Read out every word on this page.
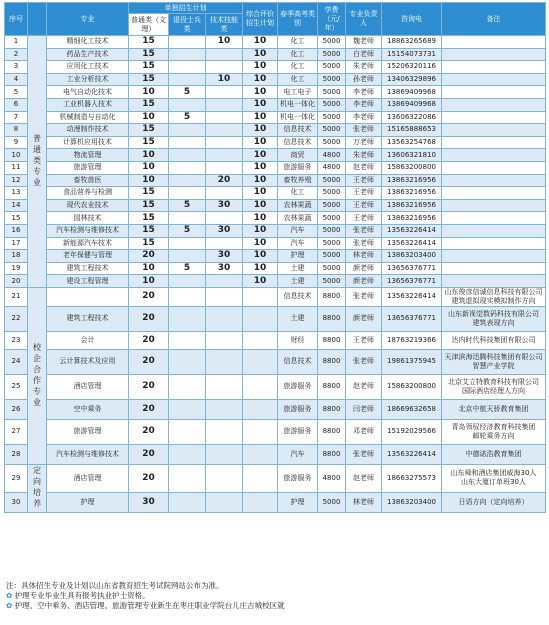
序号		专业	单独招生计划			综合评价招生计划	春季高考类别	学费（元/年）	专业负责人	咨询电	备注
			普通类（文理）	退役士兵类	技术技能类						
1	普通类专业	精细化工技术	15		10	10	化工	5000	魏老师	18863265689	
2		药品生产技术	15			10	化工	5000	白老师	15154073731	
3		应用化工技术	15			10	化工	5000	朱老师	15206320116	
4		工业分析技术	15		10	10	化工	5000	孙老师	13406329896	
5		电气自动化技术	10	5		10	电工电子	5000	李老师	13869409968	
6		工业机器人技术	15			10	机电一体化	5000	李老师	13869409968	
7		机械制造与自动化	10	5		10	机电一体化	5000	李老师	13606322086	
8		动漫制作技术	15			10	信息技术	5000	张老师	15165888653	
9		计算机应用技术	15			10	信息技术	5000	万老师	13563254768	
10		物流管理	10			10	商贸	4800	朱老师	13606321810	
11		旅游管理	10			10	旅游服务	4800	赵老师	15863200800	
12		畜牧兽医	10		20	10	畜牧养殖	5000	王老师	13863216956	
13		食品营养与检测	15			10	化工	5000	王老师	13863216956	
14		现代农业技术	15	5	30	10	农林果蔬	5000	王老师	13863216956	
15		园林技术	15			10	农林果蔬	5000	王老师	13863216956	
16		汽车检测与维修技术	15	5	30	10	汽车	5000	张老师	13563226414	
17		新能源汽车技术	15			10	汽车	5000	张老师	13563226414	
18		老年保健与管理	20		30	10	护理	5000	林老师	13863203400	
19		建筑工程技术	10	5	30	10	土建	5000	颜老师	13656376771	
20		建设工程管理	10			10	土建	5000	颜老师	13656376771	
21	校企合作专业		20				信息技术	8800	张老师	13563226414	山东俊彦信诚信息科技有限公司
建筑虚拟现实模拟制作方向
22		建筑工程技术	20				土建	8800	颜老师	13656376771	山东新视觉数码科技有限公司
建筑表现方向
23		会计	20				财经	8800	王老师	18763219366	达内时代科技集团有限公司
24		云计算技术及应用	20				信息技术	8800	张老师	19861375945	天津滨海迅腾科技集团有限公司
智慧产业学院
25		酒店管理	20				旅游服务	8800	赵老师	15863200800	北京艾立特教育科技有限公司
国际酒店经理人方向
26		空中乘务	20				旅游服务	8800	闫老师	18669632658	北京中航天骄教育集团
27		旅游管理	20				旅游服务	8800	邓老师	15192029566	青岛领驭经济教育科技集团
邮轮乘务方向
28		汽车检测与维修技术	20				汽车	8800	张老师	13563226414	中德诺浩教育集团
29	定向培养	酒店管理	20				旅游服务	4800	赵老师	18663275573	山东舜和酒店集团威海30人
山东大厦订单班30人
30		护理	30				护理	5000	林老师	13863203400	日语方向（定向培养）
注：具体招生专业及计划以山东省教育招生考试院网站公布为准。
✿ 护理专业毕业生具有报考执业护士资格。
✿ 护理、空中乘务、酒店管理、旅游管理专业新生在枣庄职业学院台儿庄古城校区就
